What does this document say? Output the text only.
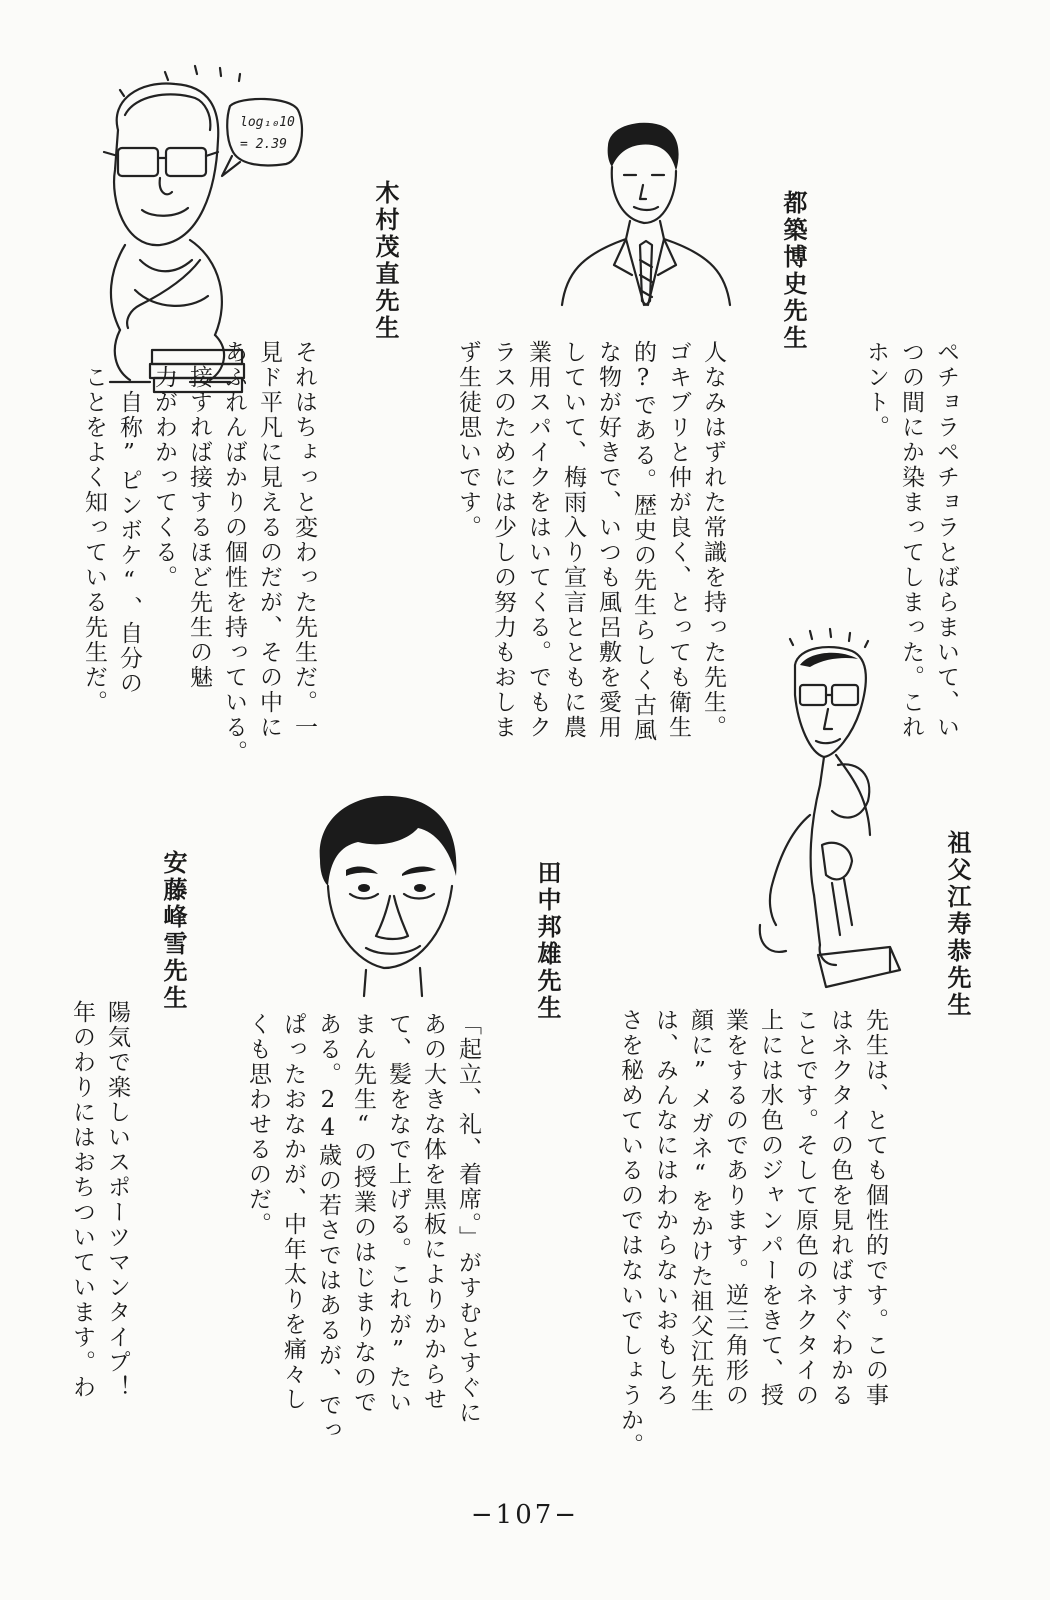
log₁₀10
= 2.39
木村茂直先生	都築博史先生
祖父江寿恭先生
田中邦雄先生
安藤峰雪先生
ペチョラペチョラとばらまいて、い
つの間にか染まってしまった。これ
ホント。
人なみはずれた常識を持った先生。
ゴキブリと仲が良く、とっても衛生
的?である。歴史の先生らしく古風
な物が好きで、いつも風呂敷を愛用
していて、梅雨入り宣言とともに農
業用スパイクをはいてくる。でもク
ラスのためには少しの努力もおしま
ず生徒思いです。
それはちょっと変わった先生だ。一
見ド平凡に見えるのだが、その中に
あふれんばかりの個性を持っている。
　接すれば接するほど先生の魅
　力がわかってくる。
　　自称”ピンボケ“、自分の
　ことをよく知っている先生だ。
先生は、とても個性的です。この事
はネクタイの色を見ればすぐわかる
ことです。そして原色のネクタイの
上には水色のジャンパーをきて、授
業をするのであります。逆三角形の
顔に”メガネ“をかけた祖父江先生
は、みんなにはわからないおもしろ
さを秘めているのではないでしょうか。
「起立、礼、着席。」がすむとすぐに
あの大きな体を黒板によりかからせ
て、髪をなで上げる。これが”たい
まん先生“の授業のはじまりなので
ある。24歳の若さではあるが、でっ
ぱったおなかが、中年太りを痛々し
くも思わせるのだ。
陽気で楽しいスポーツマンタイプ！
年のわりにはおちついています。わ
−107−
